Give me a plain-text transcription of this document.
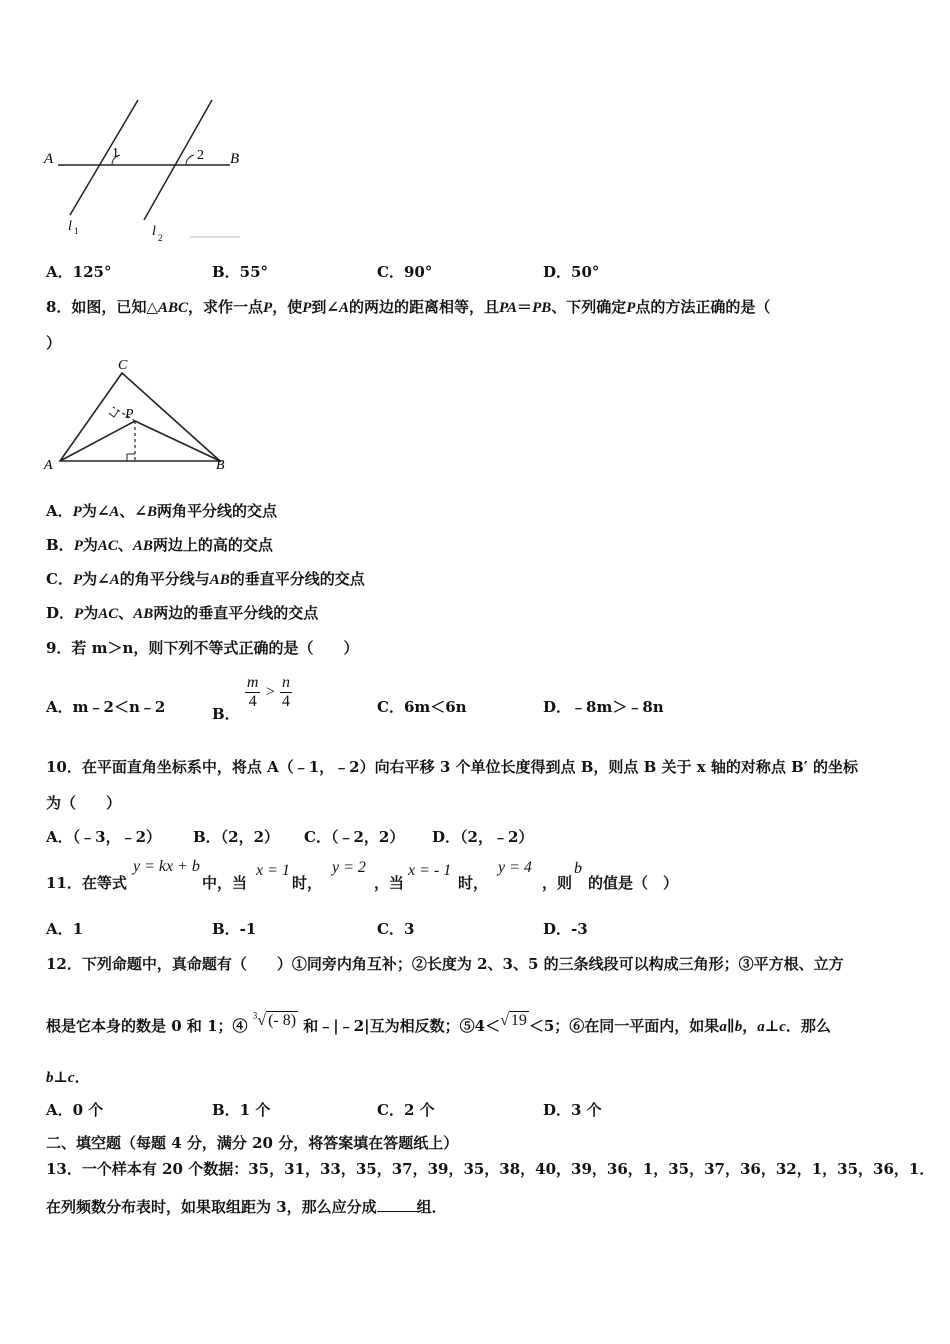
A	B
1	2
l 1	l 2
A．125°	B．55°	C．90°	D．50°
8．如图，已知△ABC，求作一点P，使P到∠A的两边的距离相等，且PA＝PB、下列确定P点的方法正确的是（
）
C
P
A	B
A．P为∠A、∠B两角平分线的交点
B．P为AC、AB两边上的高的交点
C．P为∠A的角平分线与AB的垂直平分线的交点
D．P为AC、AB两边的垂直平分线的交点
9．若 m＞n，则下列不等式正确的是（　　）
A．m﹣2＜n﹣2	B．
$\frac{m}{4} > \frac{n}{4}$	C．6m＜6n	D．﹣8m＞﹣8n
10．在平面直角坐标系中，将点 A（﹣1，﹣2）向右平移 3 个单位长度得到点 B，则点 B 关于 x 轴的对称点 B′ 的坐标
为（　　）
A．（﹣3，﹣2） B．（2，2） C．（﹣2，2） D．（2，﹣2）
11．在等式
y = kx + b
中，当
x = 1
时，
y = 2
，当
x = - 1
时，
y = 4
，则
b
的值是（　）
A．1	B．-1	C．3	D．-3
12．下列命题中，真命题有（　　）①同旁内角互补；②长度为 2、3、5 的三条线段可以构成三角形；③平方根、立方
根是它本身的数是 0 和 1；④ $^3$√ (- 8) 和﹣|﹣2|互为相反数；⑤4＜√ 19 ＜5；⑥在同一平面内，如果a∥b，a⊥c．那么
b⊥c．
A．0 个	B．1 个	C．2 个	D．3 个
二、填空题（每题 4 分，满分 20 分，将答案填在答题纸上）
13．一个样本有 20 个数据：35，31，33，35，37，39，35，38，40，39，36，1，35，37，36，32，1，35，36，1．
在列频数分布表时，如果取组距为 3，那么应分成	组．
